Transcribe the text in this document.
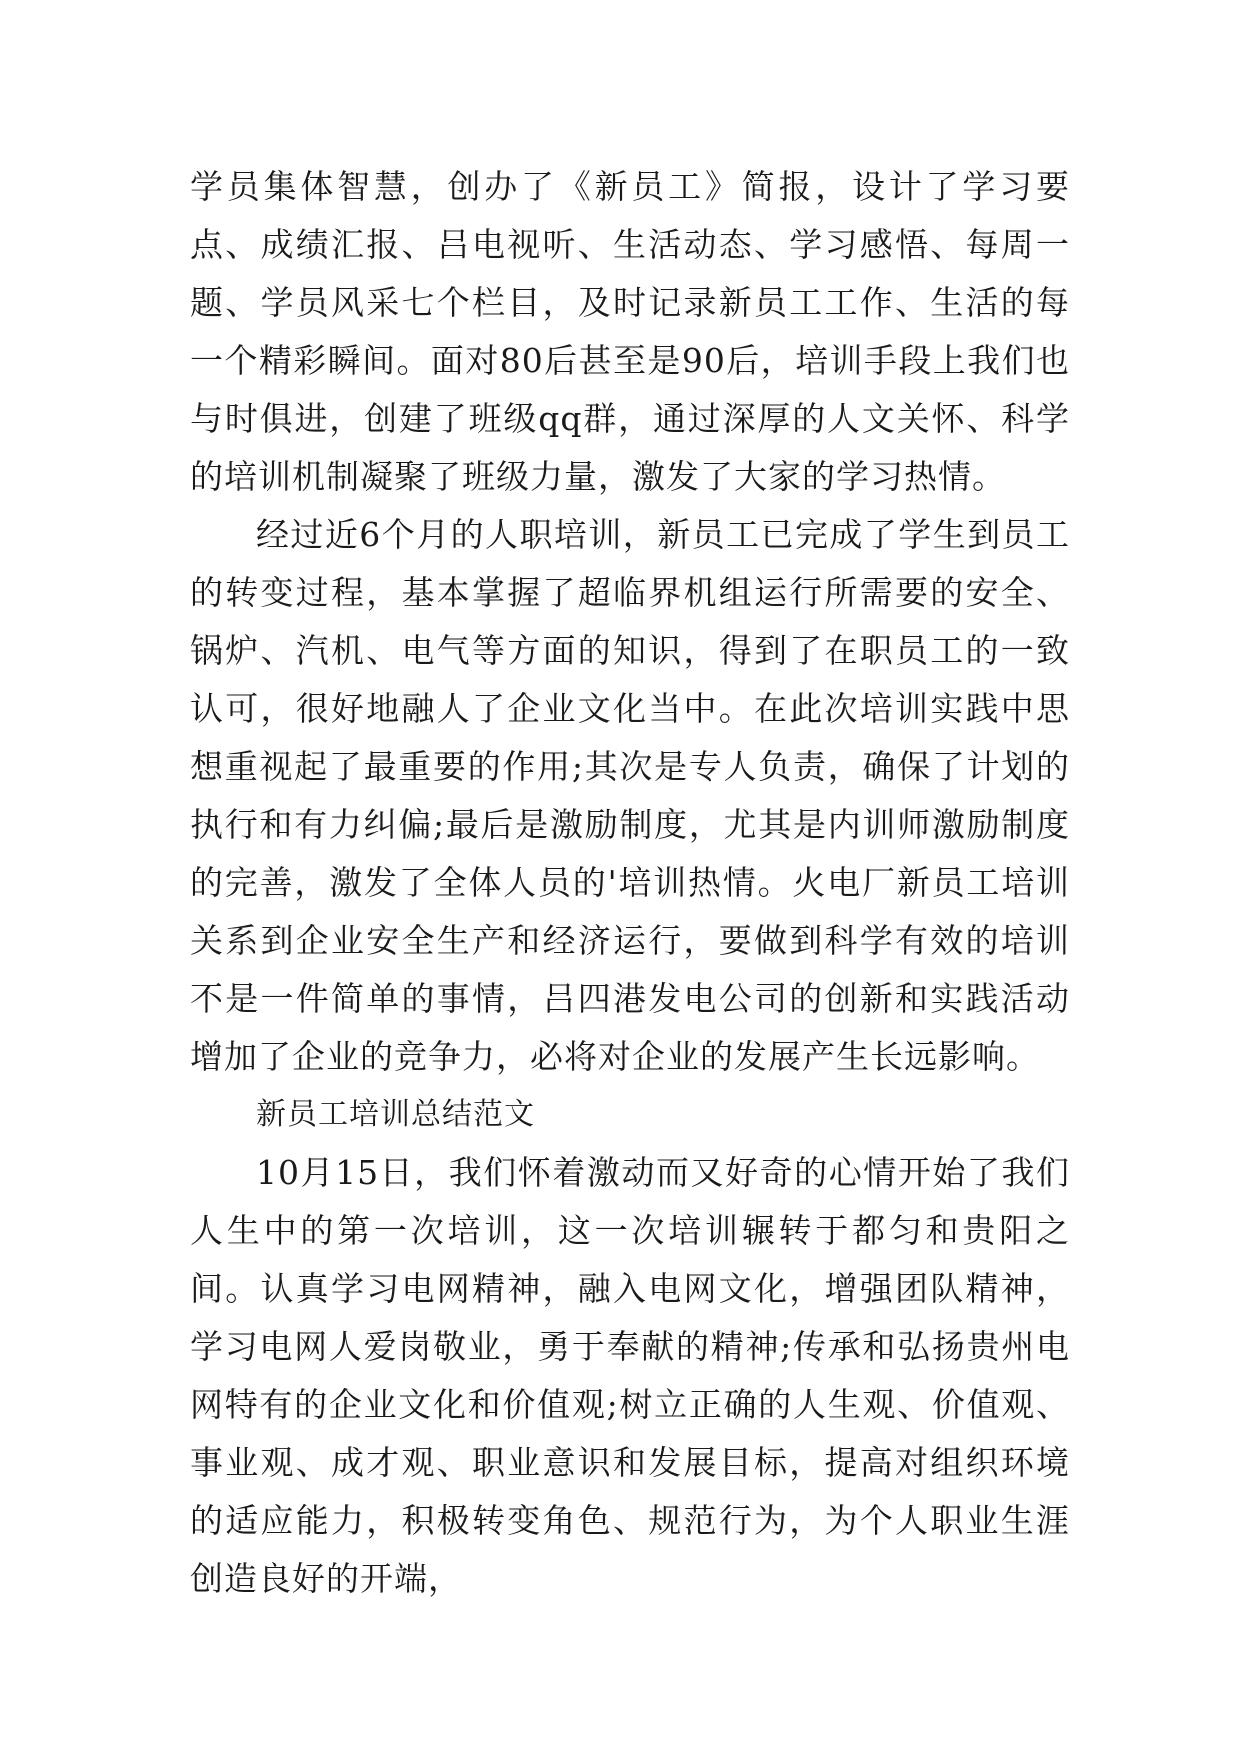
学员集体智慧，创办了《新员工》简报，设计了学习要点、成绩汇报、吕电视听、生活动态、学习感悟、每周一题、学员风采七个栏目，及时记录新员工工作、生活的每一个精彩瞬间。面对80后甚至是90后，培训手段上我们也与时俱进，创建了班级qq群，通过深厚的人文关怀、科学的培训机制凝聚了班级力量，激发了大家的学习热情。

经过近6个月的人职培训，新员工已完成了学生到员工的转变过程，基本掌握了超临界机组运行所需要的安全、锅炉、汽机、电气等方面的知识，得到了在职员工的一致认可，很好地融人了企业文化当中。在此次培训实践中思想重视起了最重要的作用;其次是专人负责，确保了计划的执行和有力纠偏;最后是激励制度，尤其是内训师激励制度的完善，激发了全体人员的'培训热情。火电厂新员工培训关系到企业安全生产和经济运行，要做到科学有效的培训不是一件简单的事情，吕四港发电公司的创新和实践活动增加了企业的竞争力，必将对企业的发展产生长远影响。

新员工培训总结范文

10月15日，我们怀着激动而又好奇的心情开始了我们人生中的第一次培训，这一次培训辗转于都匀和贵阳之间。认真学习电网精神，融入电网文化，增强团队精神，学习电网人爱岗敬业，勇于奉献的精神;传承和弘扬贵州电网特有的企业文化和价值观;树立正确的人生观、价值观、事业观、成才观、职业意识和发展目标，提高对组织环境的适应能力，积极转变角色、规范行为，为个人职业生涯创造良好的开端，
